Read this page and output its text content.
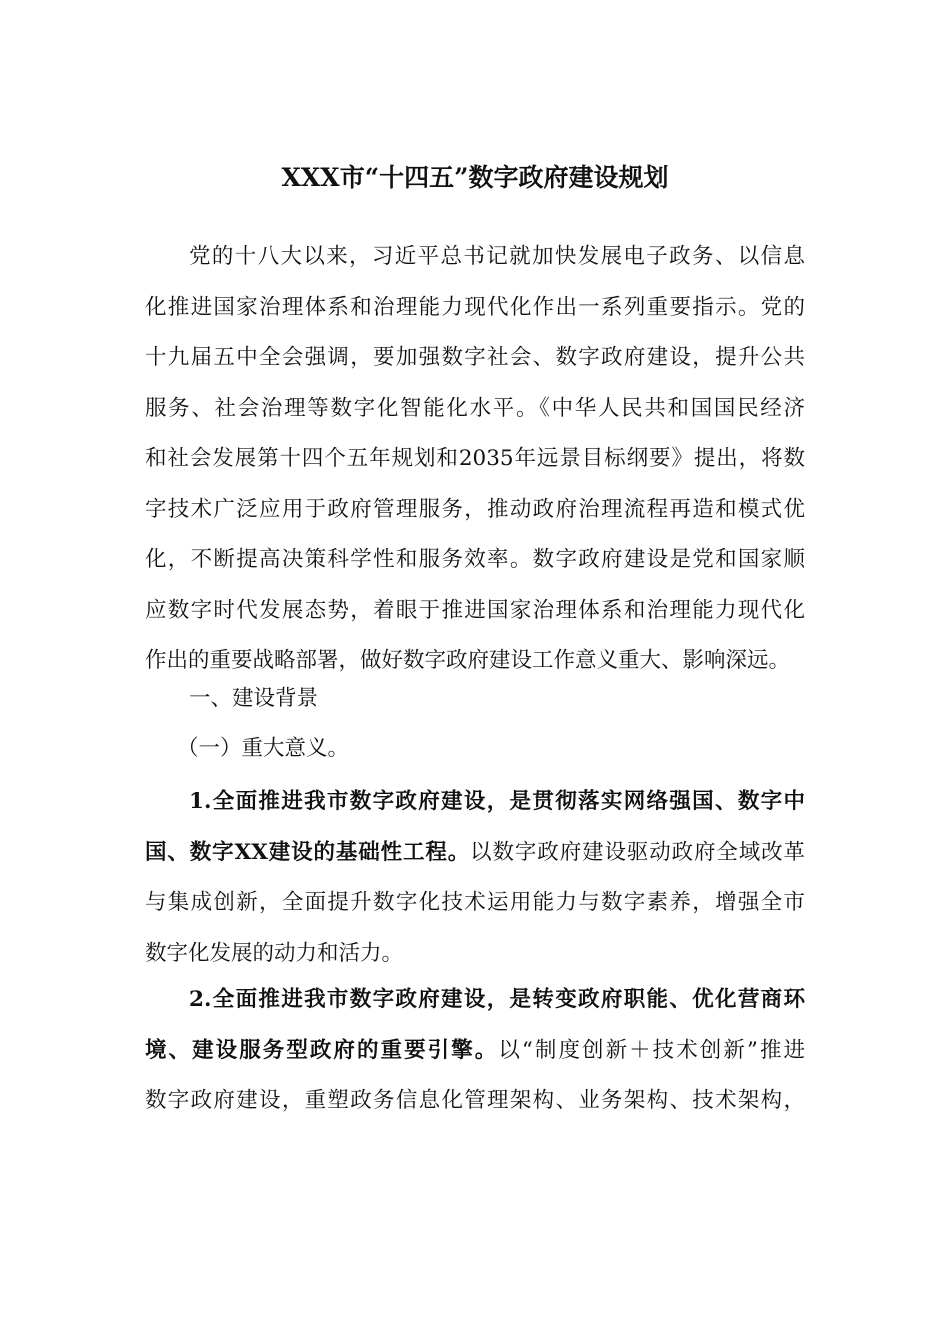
XXX市“十四五”数字政府建设规划
党的十八大以来，习近平总书记就加快发展电子政务、以信息
化推进国家治理体系和治理能力现代化作出一系列重要指示。党的
十九届五中全会强调，要加强数字社会、数字政府建设，提升公共
服务、社会治理等数字化智能化水平。《中华人民共和国国民经济
和社会发展第十四个五年规划和2035年远景目标纲要》提出，将数
字技术广泛应用于政府管理服务，推动政府治理流程再造和模式优
化，不断提高决策科学性和服务效率。数字政府建设是党和国家顺
应数字时代发展态势，着眼于推进国家治理体系和治理能力现代化
作出的重要战略部署，做好数字政府建设工作意义重大、影响深远。
一、建设背景
（一）重大意义。
1.全面推进我市数字政府建设，是贯彻落实网络强国、数字中
国、数字XX建设的基础性工程。以数字政府建设驱动政府全域改革
与集成创新，全面提升数字化技术运用能力与数字素养，增强全市
数字化发展的动力和活力。
2.全面推进我市数字政府建设，是转变政府职能、优化营商环
境、建设服务型政府的重要引擎。以“制度创新＋技术创新”推进
数字政府建设，重塑政务信息化管理架构、业务架构、技术架构，
